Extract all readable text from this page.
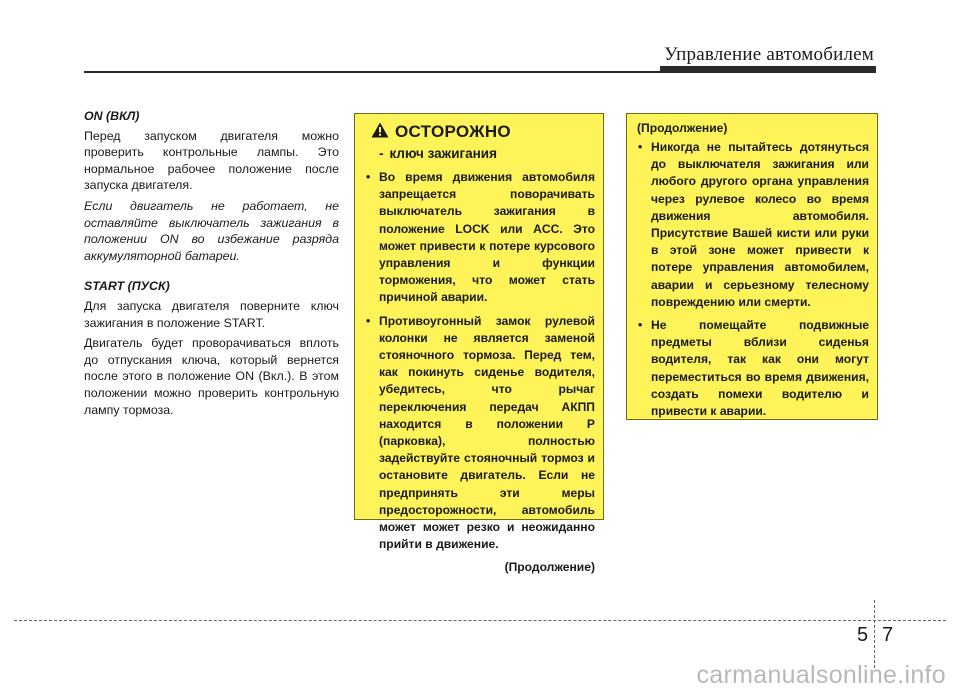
Управление автомобилем

ON (ВКЛ)

Перед запуском двигателя можно проверить контрольные лампы. Это нормальное рабочее положение после запуска двигателя.

Если двигатель не работает, не оставляйте выключатель зажигания в положении ON во избежание разряда аккумуляторной батареи.

START (ПУСК)

Для запуска двигателя поверните ключ зажигания в положение START.

Двигатель будет проворачиваться вплоть до отпускания ключа, который вернется после этого в положение ON (Вкл.). В этом положении можно проверить контрольную лампу тормоза.

ОСТОРОЖНО
- ключ зажигания
• Во время движения автомобиля запрещается поворачивать выключатель зажигания в положение LOCK или ACC. Это может привести к потере курсового управления и функции торможения, что может стать причиной аварии.
• Противоугонный замок рулевой колонки не является заменой стояночного тормоза. Перед тем, как покинуть сиденье водителя, убедитесь, что рычаг переключения передач АКПП находится в положении P (парковка), полностью задействуйте стояночный тормоз и остановите двигатель. Если не предпринять эти меры предосторожности, автомобиль может может резко и неожиданно прийти в движение.
(Продолжение)
(Продолжение)
• Никогда не пытайтесь дотянуться до выключателя зажигания или любого другого органа управления через рулевое колесо во время движения автомобиля. Присутствие Вашей кисти или руки в этой зоне может привести к потере управления автомобилем, аварии и серьезному телесному повреждению или смерти.
• Не помещайте подвижные предметы вблизи сиденья водителя, так как они могут переместиться во время движения, создать помехи водителю и привести к аварии.
5 7
carmanualsonline.info
